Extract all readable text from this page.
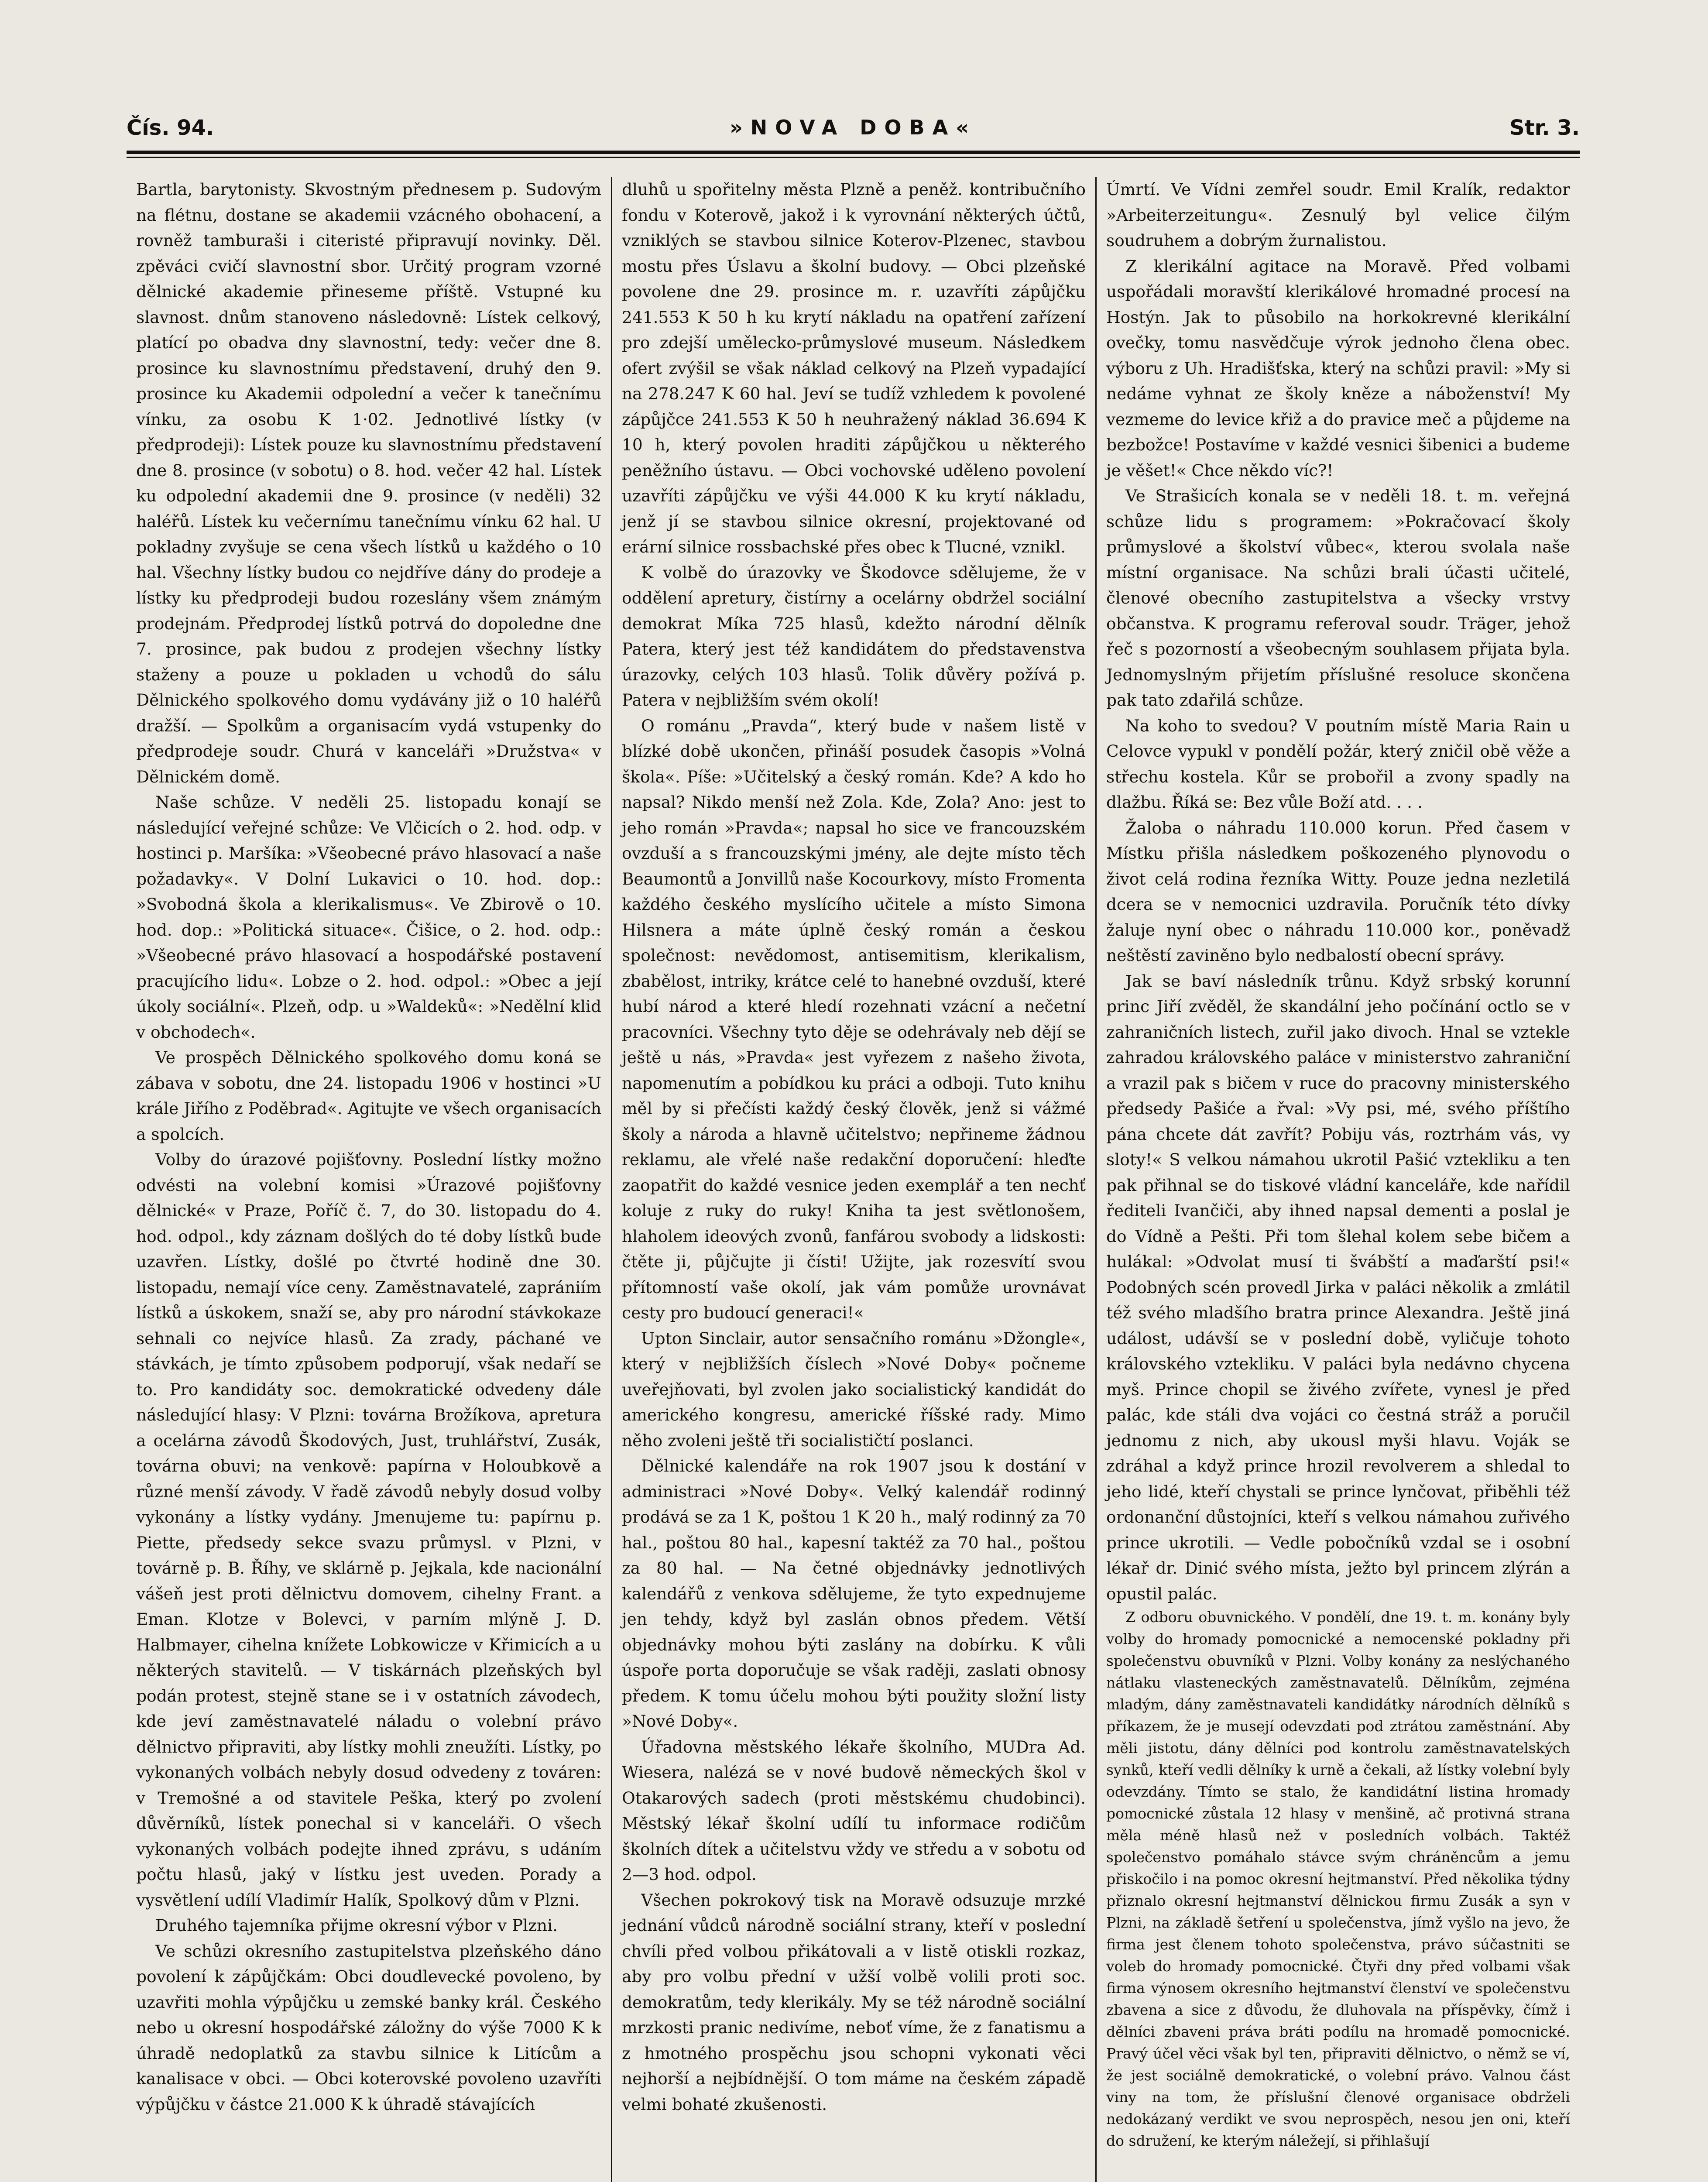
Čís. 94.	»NOVA DOBA«	Str. 3.

Bartla, barytonisty. Skvostným přednesem p. Sudovým na flétnu, dostane se akademii vzácného obohacení, a rovněž tamburaši i citeristé připravují novinky. Děl. zpěváci cvičí slavnostní sbor. Určitý program vzorné dělnické akademie přineseme příště. Vstupné ku slavnost. dnům stanoveno následovně: Lístek celkový, platící po obadva dny slavnostní, tedy: večer dne 8. prosince ku slavnostnímu představení, druhý den 9. prosince ku Akademii odpolední a večer k tanečnímu vínku, za osobu K 1·02. Jednotlivé lístky (v předprodeji): Lístek pouze ku slavnostnímu představení dne 8. prosince (v sobotu) o 8. hod. večer 42 hal. Lístek ku odpolední akademii dne 9. prosince (v neděli) 32 haléřů. Lístek ku večernímu tanečnímu vínku 62 hal. U pokladny zvyšuje se cena všech lístků u každého o 10 hal. Všechny lístky budou co nejdříve dány do prodeje a lístky ku předprodeji budou rozeslány všem známým prodejnám. Předprodej lístků potrvá do dopoledne dne 7. prosince, pak budou z prodejen všechny lístky staženy a pouze u pokladen u vchodů do sálu Dělnického spolkového domu vydávány již o 10 haléřů dražší. — Spolkům a organisacím vydá vstupenky do předprodeje soudr. Churá v kanceláři »Družstva« v Dělnickém domě.

Naše schůze. V neděli 25. listopadu konají se následující veřejné schůze: Ve Vlčicích o 2. hod. odp. v hostinci p. Maršíka: »Všeobecné právo hlasovací a naše požadavky«. V Dolní Lukavici o 10. hod. dop.: »Svobodná škola a klerikalismus«. Ve Zbirově o 10. hod. dop.: »Politická situace«. Čišice, o 2. hod. odp.: »Všeobecné právo hlasovací a hospodářské postavení pracujícího lidu«. Lobze o 2. hod. odpol.: »Obec a její úkoly sociální«. Plzeň, odp. u »Waldeků«: »Nedělní klid v obchodech«.

Ve prospěch Dělnického spolkového domu koná se zábava v sobotu, dne 24. listopadu 1906 v hostinci »U krále Jiřího z Poděbrad«. Agitujte ve všech organisacích a spolcích.

Volby do úrazové pojišťovny. Poslední lístky možno odvésti na volební komisi »Úrazové pojišťovny dělnické« v Praze, Poříč č. 7, do 30. listopadu do 4. hod. odpol., kdy záznam došlých do té doby lístků bude uzavřen. Lístky, došlé po čtvrté hodině dne 30. listopadu, nemají více ceny. Zaměstnavatelé, zaprániím lístků a úskokem, snaží se, aby pro národní stávkokaze sehnali co nejvíce hlasů. Za zrady, páchané ve stávkách, je tímto způsobem podporují, však nedaří se to. Pro kandidáty soc. demokratické odvedeny dále následující hlasy: V Plzni: továrna Brožíkova, apretura a ocelárna závodů Škodových, Just, truhlářství, Zusák, továrna obuvi; na venkově: papírna v Holoubkově a různé menší závody. V řadě závodů nebyly dosud volby vykonány a lístky vydány. Jmenujeme tu: papírnu p. Piette, předsedy sekce svazu průmysl. v Plzni, v továrně p. B. Říhy, ve sklárně p. Jejkala, kde nacionální vášeň jest proti dělnictvu domovem, cihelny Frant. a Eman. Klotze v Bolevci, v parním mlýně J. D. Halbmayer, cihelna knížete Lobkowicze v Křimicích a u některých stavitelů. — V tiskárnách plzeňských byl podán protest, stejně stane se i v ostatních závodech, kde jeví zaměstnavatelé náladu o volební právo dělnictvo připraviti, aby lístky mohli zneužíti. Lístky, po vykonaných volbách nebyly dosud odvedeny z továren: v Tremošné a od stavitele Peška, který po zvolení důvěrníků, lístek ponechal si v kanceláři. O všech vykonaných volbách podejte ihned zprávu, s udáním počtu hlasů, jaký v lístku jest uveden. Porady a vysvětlení udílí Vladimír Halík, Spolkový dům v Plzni.

Druhého tajemníka přijme okresní výbor v Plzni.

Ve schůzi okresního zastupitelstva plzeňského dáno povolení k zápůjčkám: Obci doudlevecké povoleno, by uzavřiti mohla výpůjčku u zemské banky král. Českého nebo u okresní hospodářské záložny do výše 7000 K k úhradě nedoplatků za stavbu silnice k Litícům a kanalisace v obci. — Obci koterovské povoleno uzavříti výpůjčku v částce 21.000 K k úhradě stávajících

dluhů u spořitelny města Plzně a peněž. kontribučního fondu v Koterově, jakož i k vyrovnání některých účtů, vzniklých se stavbou silnice Koterov-Plzenec, stavbou mostu přes Úslavu a školní budovy. — Obci plzeňské povolene dne 29. prosince m. r. uzavříti zápůjčku 241.553 K 50 h ku krytí nákladu na opatření zařízení pro zdejší umělecko-průmyslové museum. Následkem ofert zvýšil se však náklad celkový na Plzeň vypadající na 278.247 K 60 hal. Jeví se tudíž vzhledem k povolené zápůjčce 241.553 K 50 h neuhražený náklad 36.694 K 10 h, který povolen hraditi zápůjčkou u některého peněžního ústavu. — Obci vochovské uděleno povolení uzavříti zápůjčku ve výši 44.000 K ku krytí nákladu, jenž jí se stavbou silnice okresní, projektované od erární silnice rossbachské přes obec k Tlucné, vznikl.

K volbě do úrazovky ve Škodovce sdělujeme, že v oddělení apretury, čistírny a ocelárny obdržel sociální demokrat Míka 725 hlasů, kdežto národní dělník Patera, který jest též kandidátem do představenstva úrazovky, celých 103 hlasů. Tolik důvěry požívá p. Patera v nejbližším svém okolí!

O románu „Pravda“, který bude v našem listě v blízké době ukončen, přináší posudek časopis »Volná škola«. Píše: »Učitelský a český román. Kde? A kdo ho napsal? Nikdo menší než Zola. Kde, Zola? Ano: jest to jeho román »Pravda«; napsal ho sice ve francouzském ovzduší a s francouzskými jmény, ale dejte místo těch Beaumontů a Jonvillů naše Kocourkovy, místo Fromenta každého českého myslícího učitele a místo Simona Hilsnera a máte úplně český román a českou společnost: nevědomost, antisemitism, klerikalism, zbabělost, intriky, krátce celé to hanebné ovzduší, které hubí národ a které hledí rozehnati vzácní a nečetní pracovníci. Všechny tyto děje se odehrávaly neb dějí se ještě u nás, »Pravda« jest vyřezem z našeho života, napomenutím a pobídkou ku práci a odboji. Tuto knihu měl by si přečísti každý český člověk, jenž si vážmé školy a národa a hlavně učitelstvo; nepřineme žádnou reklamu, ale vřelé naše redakční doporučení: hleďte zaopatřit do každé vesnice jeden exemplář a ten nechť koluje z ruky do ruky! Kniha ta jest světlonošem, hlaholem ideových zvonů, fanfárou svobody a lidskosti: čtěte ji, půjčujte ji čísti! Užijte, jak rozesvítí svou přítomností vaše okolí, jak vám pomůže urovnávat cesty pro budoucí generaci!«

Upton Sinclair, autor sensačního románu »Džongle«, který v nejbližších číslech »Nové Doby« počneme uveřejňovati, byl zvolen jako socialistický kandidát do amerického kongresu, americké říšské rady. Mimo něho zvoleni ještě tři socialističtí poslanci.

Dělnické kalendáře na rok 1907 jsou k dostání v administraci »Nové Doby«. Velký kalendář rodinný prodává se za 1 K, poštou 1 K 20 h., malý rodinný za 70 hal., poštou 80 hal., kapesní taktéž za 70 hal., poštou za 80 hal. — Na četné objednávky jednotlivých kalendářů z venkova sdělujeme, že tyto expednujeme jen tehdy, když byl zaslán obnos předem. Větší objednávky mohou býti zaslány na dobírku. K vůli úspoře porta doporučuje se však raději, zaslati obnosy předem. K tomu účelu mohou býti použity složní listy »Nové Doby«.

Úřadovna městského lékaře školního, MUDra Ad. Wiesera, nalézá se v nové budově německých škol v Otakarových sadech (proti městskému chudobinci). Městský lékař školní udílí tu informace rodičům školních dítek a učitelstvu vždy ve středu a v sobotu od 2—3 hod. odpol.

Všechen pokrokový tisk na Moravě odsuzuje mrzké jednání vůdců národně sociální strany, kteří v poslední chvíli před volbou přikátovali a v listě otiskli rozkaz, aby pro volbu přední v užší volbě volili proti soc. demokratům, tedy klerikály. My se též národně sociální mrzkosti pranic nedivíme, neboť víme, že z fanatismu a z hmotného prospěchu jsou schopni vykonati věci nejhorší a nejbídnější. O tom máme na českém západě velmi bohaté zkušenosti.

Úmrtí. Ve Vídni zemřel soudr. Emil Kralík, redaktor »Arbeiterzeitungu«. Zesnulý byl velice čilým soudruhem a dobrým žurnalistou.

Z klerikální agitace na Moravě. Před volbami uspořádali moravští klerikálové hromadné procesí na Hostýn. Jak to působilo na horkokrevné klerikální ovečky, tomu nasvědčuje výrok jednoho člena obec. výboru z Uh. Hradišťska, který na schůzi pravil: »My si nedáme vyhnat ze školy kněze a náboženství! My vezmeme do levice křiž a do pravice meč a půjdeme na bezbožce! Postavíme v každé vesnici šibenici a budeme je věšet!« Chce někdo víc?!

Ve Strašicích konala se v neděli 18. t. m. veřejná schůze lidu s programem: »Pokračovací školy průmyslové a školství vůbec«, kterou svolala naše místní organisace. Na schůzi brali účasti učitelé, členové obecního zastupitelstva a všecky vrstvy občanstva. K programu referoval soudr. Träger, jehož řeč s pozorností a všeobecným souhlasem přijata byla. Jednomyslným přijetím příslušné resoluce skončena pak tato zdařilá schůze.

Na koho to svedou? V poutním místě Maria Rain u Celovce vypukl v pondělí požár, který zničil obě věže a střechu kostela. Kůr se probořil a zvony spadly na dlažbu. Říká se: Bez vůle Boží atd. . . .

Žaloba o náhradu 110.000 korun. Před časem v Místku přišla následkem poškozeného plynovodu o život celá rodina řezníka Witty. Pouze jedna nezletilá dcera se v nemocnici uzdravila. Poručník této dívky žaluje nyní obec o náhradu 110.000 kor., poněvadž neštěstí zaviněno bylo nedbalostí obecní správy.

Jak se baví následník trůnu. Když srbský korunní princ Jiří zvěděl, že skandální jeho počínání octlo se v zahraničních listech, zuřil jako divoch. Hnal se vztekle zahradou královského paláce v ministerstvo zahraniční a vrazil pak s bičem v ruce do pracovny ministerského předsedy Pašiće a řval: »Vy psi, mé, svého příštího pána chcete dát zavřít? Pobiju vás, roztrhám vás, vy sloty!« S velkou námahou ukrotil Pašić vztekliku a ten pak přihnal se do tiskové vládní kanceláře, kde nařídil řediteli Ivančiči, aby ihned napsal dementi a poslal je do Vídně a Pešti. Při tom šlehal kolem sebe bičem a hulákal: »Odvolat musí ti švábští a maďarští psi!« Podobných scén provedl Jirka v paláci několik a zmlátil též svého mladšího bratra prince Alexandra. Ještě jiná událost, udávší se v poslední době, vyličuje tohoto královského vztekliku. V paláci byla nedávno chycena myš. Prince chopil se živého zvířete, vynesl je před palác, kde stáli dva vojáci co čestná stráž a poručil jednomu z nich, aby ukousl myši hlavu. Voják se zdráhal a když prince hrozil revolverem a shledal to jeho lidé, kteří chystali se prince lynčovat, přiběhli též ordonanční důstojníci, kteří s velkou námahou zuřivého prince ukrotili. — Vedle pobočníků vzdal se i osobní lékař dr. Dinić svého místa, ježto byl princem zlýrán a opustil palác.

Z odboru obuvnického. V pondělí, dne 19. t. m. konány byly volby do hromady pomocnické a nemocenské pokladny při společenstvu obuvníků v Plzni. Volby konány za neslýchaného nátlaku vlasteneckých zaměstnavatelů. Dělníkům, zejména mladým, dány zaměstnavateli kandidátky národních dělníků s příkazem, že je musejí odevzdati pod ztrátou zaměstnání. Aby měli jistotu, dány dělníci pod kontrolu zaměstnavatelských synků, kteří vedli dělníky k urně a čekali, až lístky volební byly odevzdány. Tímto se stalo, že kandidátní listina hromady pomocnické zůstala 12 hlasy v menšině, ač protivná strana měla méně hlasů než v posledních volbách. Taktéž společenstvo pomáhalo stávce svým chráněncům a jemu přiskočilo i na pomoc okresní hejtmanství. Před několika týdny přiznalo okresní hejtmanství dělnickou firmu Zusák a syn v Plzni, na základě šetření u společenstva, jímž vyšlo na jevo, že firma jest členem tohoto společenstva, právo súčastniti se voleb do hromady pomocnické. Čtyři dny před volbami však firma výnosem okresního hejtmanství členství ve společenstvu zbavena a sice z důvodu, že dluhovala na příspěvky, čímž i dělníci zbaveni práva bráti podílu na hromadě pomocnické. Pravý účel věci však byl ten, připraviti dělnictvo, o němž se ví, že jest sociálně demokratické, o volební právo. Valnou část viny na tom, že příslušní členové organisace obdrželi nedokázaný verdikt ve svou neprospěch, nesou jen oni, kteří do sdružení, ke kterým náležejí, si přihlašují
